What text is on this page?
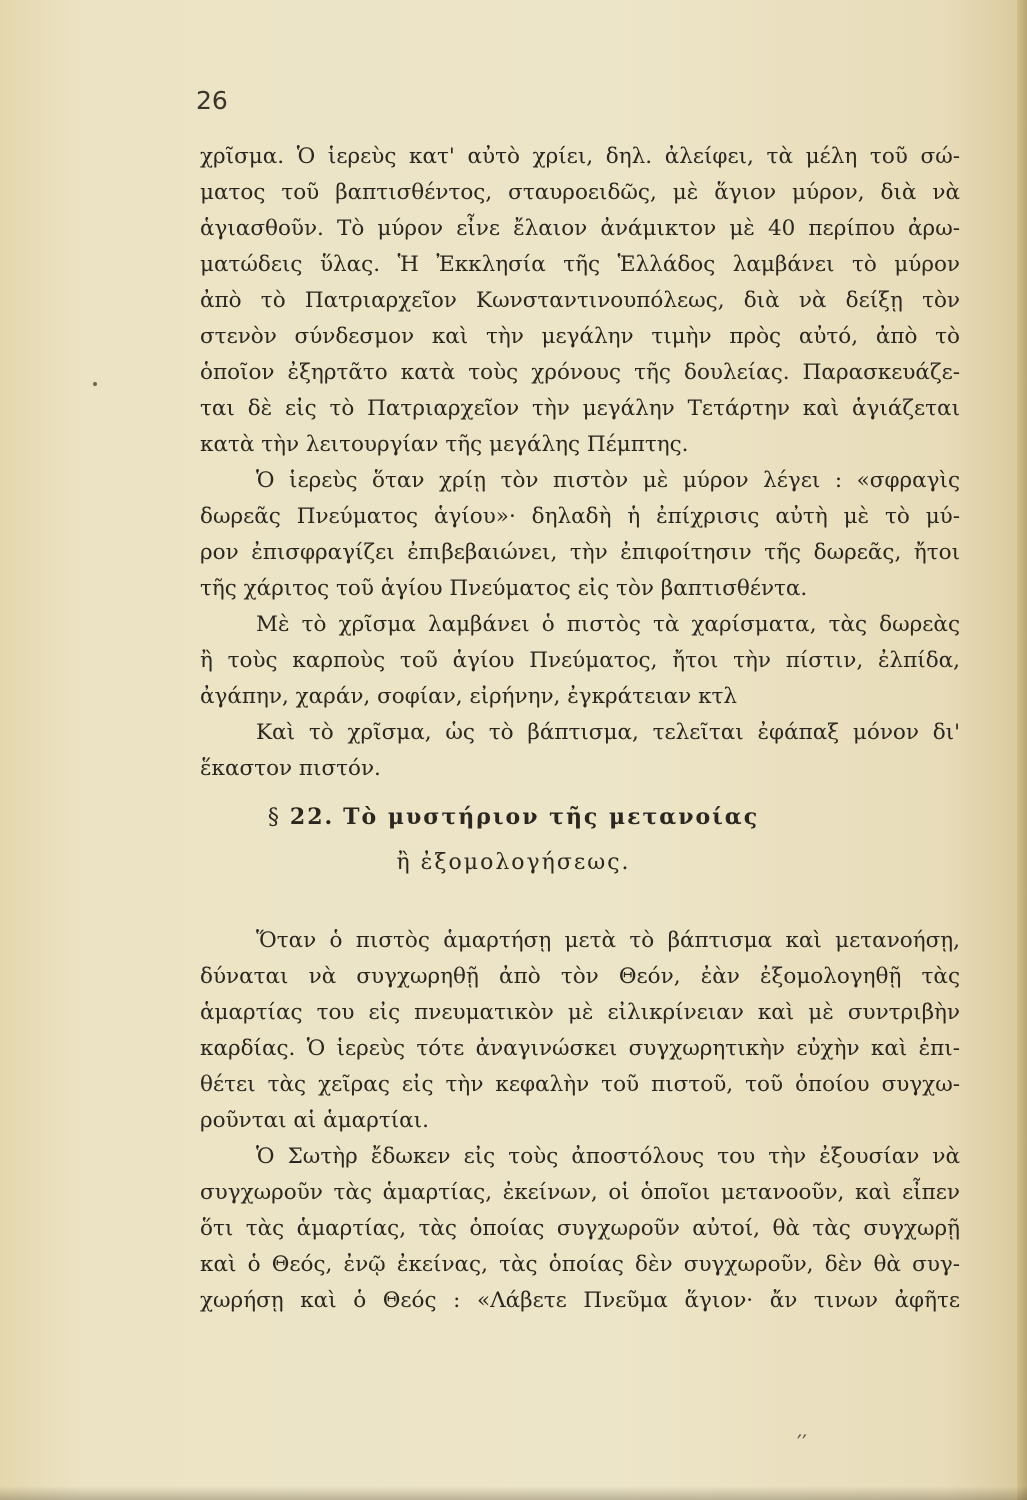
26
χρῖσμα. Ὁ ἱερεὺς κατ' αὐτὸ χρίει, δηλ. ἀλείφει, τὰ μέλη τοῦ σώ-
ματος τοῦ βαπτισθέντος, σταυροειδῶς, μὲ ἅγιον μύρον, διὰ νὰ
ἁγιασθοῦν. Τὸ μύρον εἶνε ἔλαιον ἀνάμικτον μὲ 40 περίπου ἀρω-
ματώδεις ὕλας. Ἡ Ἐκκλησία τῆς Ἑλλάδος λαμβάνει τὸ μύρον
ἀπὸ τὸ Πατριαρχεῖον Κωνσταντινουπόλεως, διὰ νὰ δείξῃ τὸν
στενὸν σύνδεσμον καὶ τὴν μεγάλην τιμὴν πρὸς αὐτό, ἀπὸ τὸ
ὁποῖον ἐξηρτᾶτο κατὰ τοὺς χρόνους τῆς δουλείας. Παρασκευάζε-
ται δὲ εἰς τὸ Πατριαρχεῖον τὴν μεγάλην Τετάρτην καὶ ἁγιάζεται
κατὰ τὴν λειτουργίαν τῆς μεγάλης Πέμπτης.
Ὁ ἱερεὺς ὅταν χρίῃ τὸν πιστὸν μὲ μύρον λέγει : «σφραγὶς
δωρεᾶς Πνεύματος ἁγίου»· δηλαδὴ ἡ ἐπίχρισις αὐτὴ μὲ τὸ μύ-
ρον ἐπισφραγίζει ἐπιβεβαιώνει, τὴν ἐπιφοίτησιν τῆς δωρεᾶς, ἤτοι
τῆς χάριτος τοῦ ἁγίου Πνεύματος εἰς τὸν βαπτισθέντα.
Μὲ τὸ χρῖσμα λαμβάνει ὁ πιστὸς τὰ χαρίσματα, τὰς δωρεὰς
ἢ τοὺς καρποὺς τοῦ ἁγίου Πνεύματος, ἤτοι τὴν πίστιν, ἐλπίδα,
ἀγάπην, χαράν, σοφίαν, εἰρήνην, ἐγκράτειαν κτλ
Καὶ τὸ χρῖσμα, ὡς τὸ βάπτισμα, τελεῖται ἐφάπαξ μόνον δι'
ἕκαστον πιστόν.
§ 22. Τὸ μυστήριον τῆς μετανοίας
ἢ ἐξομολογήσεως.
Ὅταν ὁ πιστὸς ἁμαρτήσῃ μετὰ τὸ βάπτισμα καὶ μετανοήσῃ,
δύναται νὰ συγχωρηθῇ ἀπὸ τὸν Θεόν, ἐὰν ἐξομολογηθῇ τὰς
ἁμαρτίας του εἰς πνευματικὸν μὲ εἰλικρίνειαν καὶ μὲ συντριβὴν
καρδίας. Ὁ ἱερεὺς τότε ἀναγινώσκει συγχωρητικὴν εὐχὴν καὶ ἐπι-
θέτει τὰς χεῖρας εἰς τὴν κεφαλὴν τοῦ πιστοῦ, τοῦ ὁποίου συγχω-
ροῦνται αἱ ἁμαρτίαι.
Ὁ Σωτὴρ ἔδωκεν εἰς τοὺς ἀποστόλους του τὴν ἐξουσίαν νὰ
συγχωροῦν τὰς ἁμαρτίας, ἐκείνων, οἱ ὁποῖοι μετανοοῦν, καὶ εἶπεν
ὅτι τὰς ἁμαρτίας, τὰς ὁποίας συγχωροῦν αὐτοί, θὰ τὰς συγχωρῇ
καὶ ὁ Θεός, ἐνῷ ἐκείνας, τὰς ὁποίας δὲν συγχωροῦν, δὲν θὰ συγ-
χωρήσῃ καὶ ὁ Θεός : «Λάβετε Πνεῦμα ἅγιον· ἄν τινων ἀφῆτε
′′
